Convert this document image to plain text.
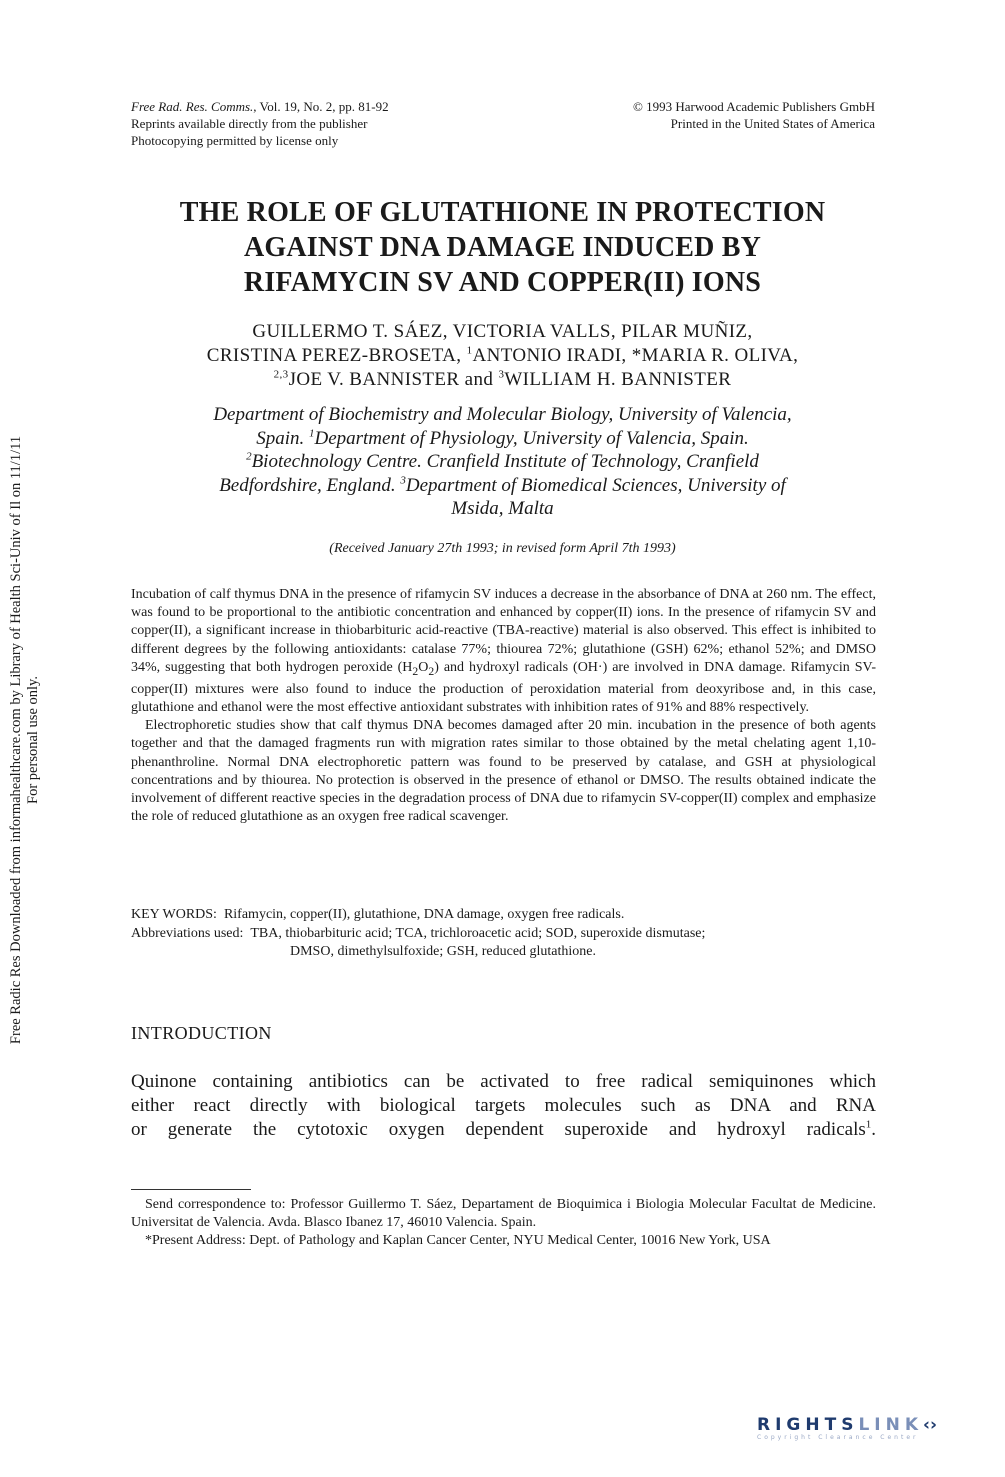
Free Rad. Res. Comms., Vol. 19, No. 2, pp. 81-92
Reprints available directly from the publisher
Photocopying permitted by license only
© 1993 Harwood Academic Publishers GmbH
Printed in the United States of America
Free Radic Res Downloaded from informahealthcare.com by Library of Health Sci-Univ of Il on 11/1/11 For personal use only.
THE ROLE OF GLUTATHIONE IN PROTECTION
AGAINST DNA DAMAGE INDUCED BY
RIFAMYCIN SV AND COPPER(II) IONS
GUILLERMO T. SÁEZ, VICTORIA VALLS, PILAR MUÑIZ,
CRISTINA PEREZ-BROSETA, $^1$ANTONIO IRADI, *MARIA R. OLIVA,
$^{2,3}$JOE V. BANNISTER and $^3$WILLIAM H. BANNISTER
Department of Biochemistry and Molecular Biology, University of Valencia,
Spain. $^1$Department of Physiology, University of Valencia, Spain.
$^2$Biotechnology Centre. Cranfield Institute of Technology, Cranfield
Bedfordshire, England. $^3$Department of Biomedical Sciences, University of
Msida, Malta
(Received January 27th 1993; in revised form April 7th 1993)

Incubation of calf thymus DNA in the presence of rifamycin SV induces a decrease in the absorbance of DNA at 260 nm. The effect, was found to be proportional to the antibiotic concentration and enhanced by copper(II) ions. In the presence of rifamycin SV and copper(II), a significant increase in thiobarbituric acid-reactive (TBA-reactive) material is also observed. This effect is inhibited to different degrees by the following antioxidants: catalase 77%; thiourea 72%; glutathione (GSH) 62%; ethanol 52%; and DMSO 34%, suggesting that both hydrogen peroxide $(H_2O_2)$ and hydroxyl radicals (OH·) are involved in DNA damage. Rifamycin SV-copper(II) mixtures were also found to induce the production of peroxidation material from deoxyribose and, in this case, glutathione and ethanol were the most effective antioxidant substrates with inhibition rates of 91% and 88% respectively.

Electrophoretic studies show that calf thymus DNA becomes damaged after 20 min. incubation in the presence of both agents together and that the damaged fragments run with migration rates similar to those obtained by the metal chelating agent 1,10-phenanthroline. Normal DNA electrophoretic pattern was found to be preserved by catalase, and GSH at physiological concentrations and by thiourea. No protection is observed in the presence of ethanol or DMSO. The results obtained indicate the involvement of different reactive species in the degradation process of DNA due to rifamycin SV-copper(II) complex and emphasize the role of reduced glutathione as an oxygen free radical scavenger.

KEY WORDS: Rifamycin, copper(II), glutathione, DNA damage, oxygen free radicals.
Abbreviations used: TBA, thiobarbituric acid; TCA, trichloroacetic acid; SOD, superoxide dismutase;
DMSO, dimethylsulfoxide; GSH, reduced glutathione.
INTRODUCTION
Quinone containing antibiotics can be activated to free radical semiquinones which
either react directly with biological targets molecules such as DNA and RNA
or generate the cytotoxic oxygen dependent superoxide and hydroxyl radicals$^1$.

Send correspondence to: Professor Guillermo T. Sáez, Departament de Bioquimica i Biologia Molecular Facultat de Medicine. Universitat de Valencia. Avda. Blasco Ibanez 17, 46010 Valencia. Spain.

*Present Address: Dept. of Pathology and Kaplan Cancer Center, NYU Medical Center, 10016 New York, USA

RIGHTSLINK‹›
Copyright Clearance Center
